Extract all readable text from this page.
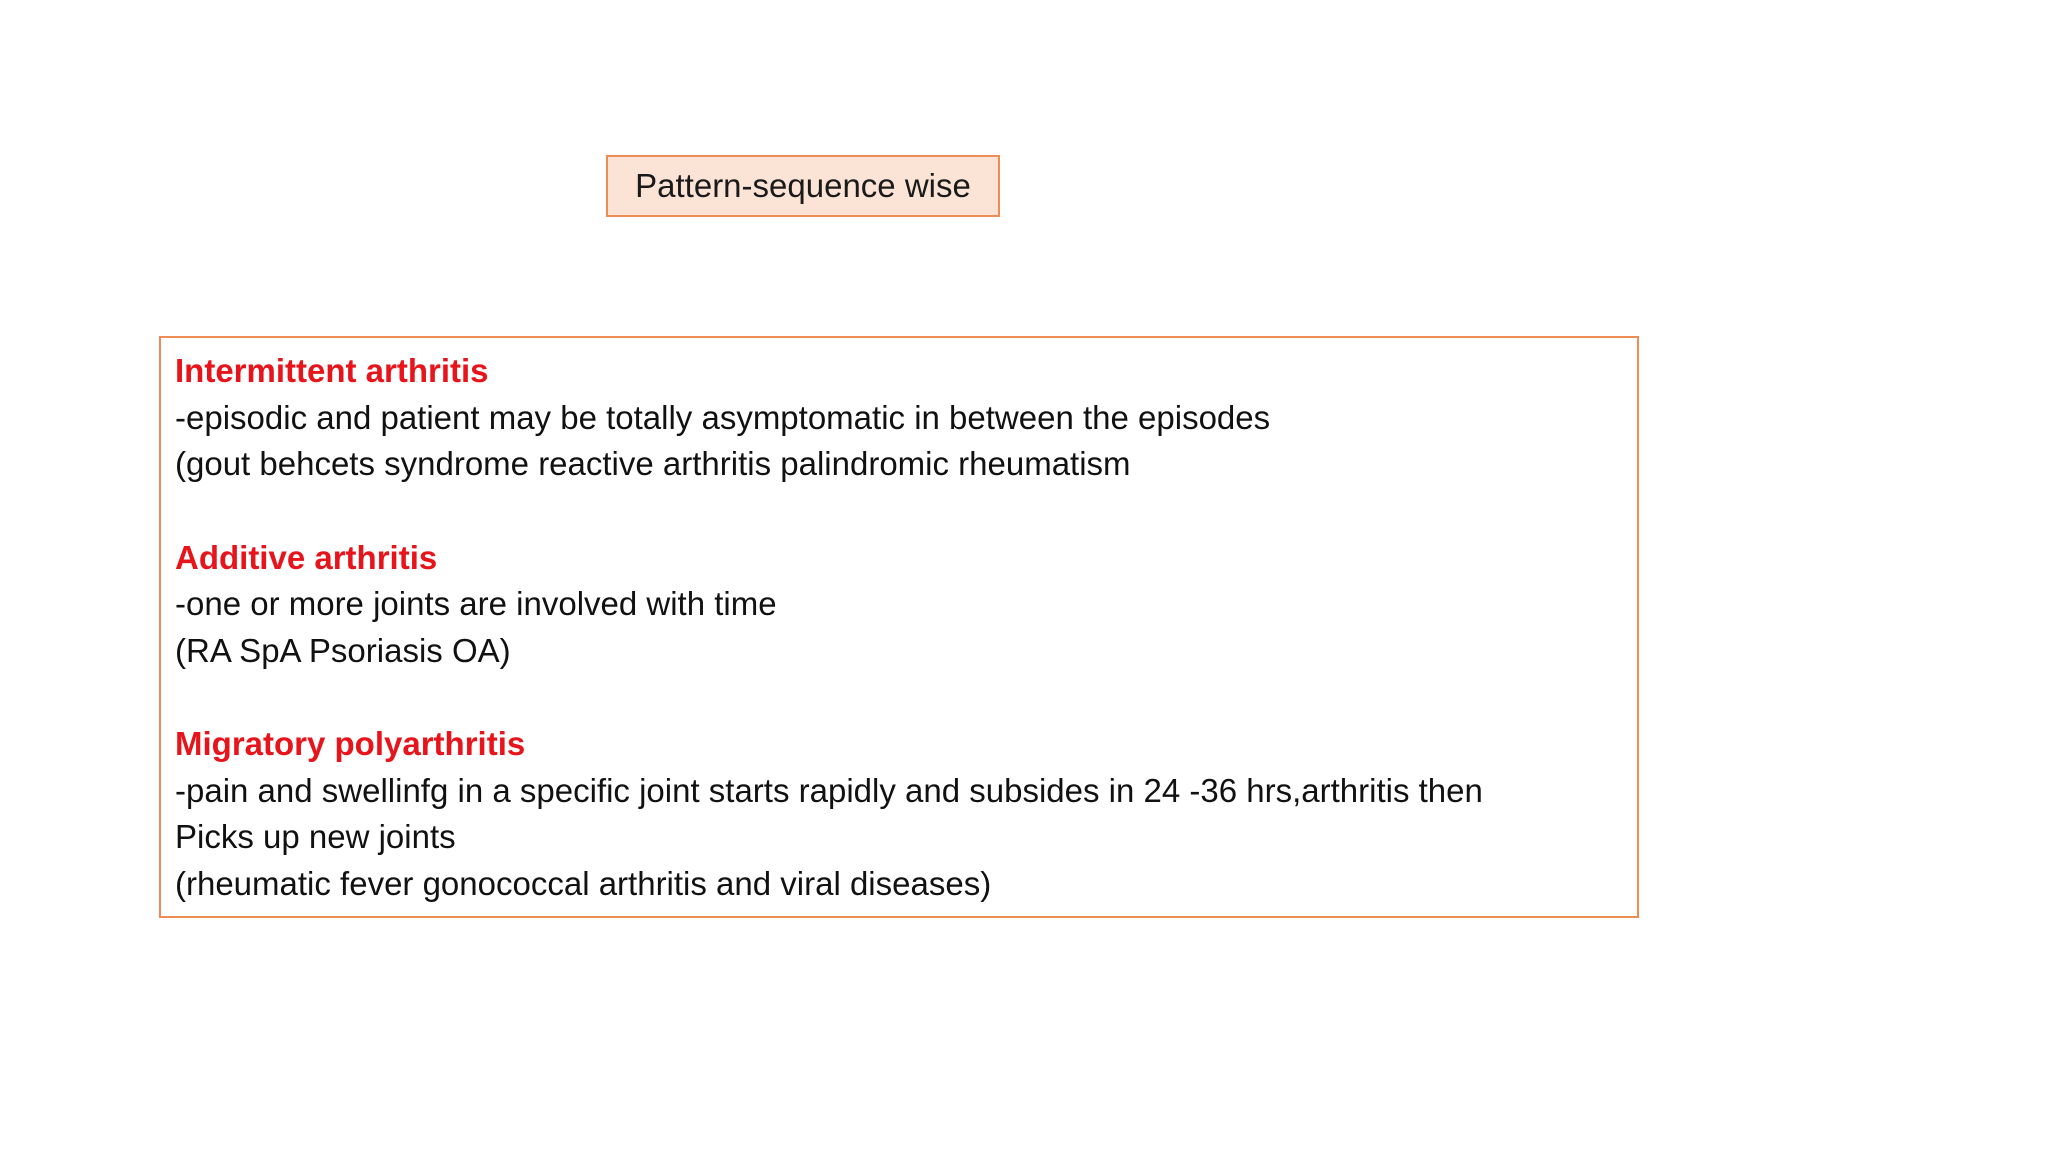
Pattern-sequence wise
Intermittent arthritis
-episodic and patient may be totally asymptomatic in between the episodes
(gout behcets syndrome reactive arthritis palindromic rheumatism
Additive arthritis
-one or more joints are involved with time
(RA SpA Psoriasis OA)
Migratory polyarthritis
-pain and swellinfg in a specific joint starts rapidly and subsides in 24 -36 hrs,arthritis then
Picks up new joints
(rheumatic fever gonococcal arthritis and viral diseases)
